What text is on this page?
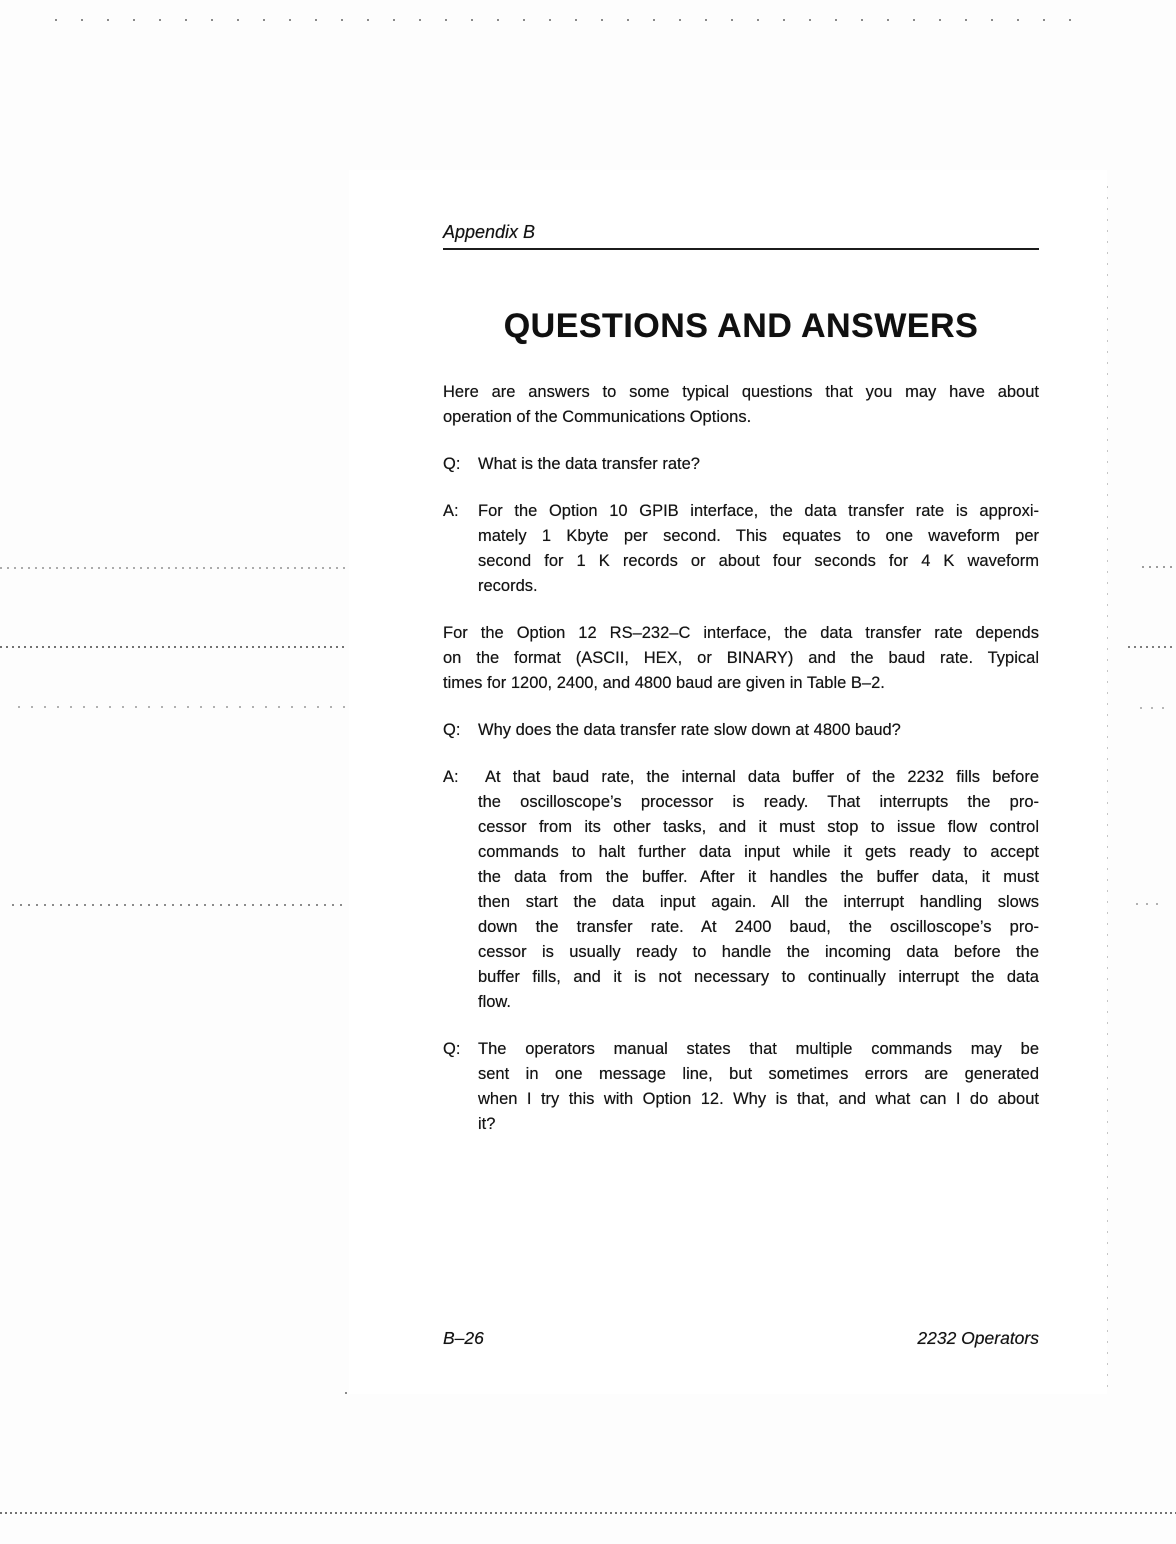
Appendix B
QUESTIONS AND ANSWERS
Here are answers to some typical questions that you may have about
operation of the Communications Options.
Q:	What is the data transfer rate?
A:	For the Option 10 GPIB interface, the data transfer rate is approxi-
mately 1 Kbyte per second. This equates to one waveform per
second for 1 K records or about four seconds for 4 K waveform
records.
For the Option 12 RS–232–C interface, the data transfer rate depends
on the format (ASCII, HEX, or BINARY) and the baud rate. Typical
times for 1200, 2400, and 4800 baud are given in Table B–2.
Q:	Why does the data transfer rate slow down at 4800 baud?
A:	At that baud rate, the internal data buffer of the 2232 fills before
the oscilloscope’s processor is ready. That interrupts the pro-
cessor from its other tasks, and it must stop to issue flow control
commands to halt further data input while it gets ready to accept
the data from the buffer. After it handles the buffer data, it must
then start the data input again. All the interrupt handling slows
down the transfer rate. At 2400 baud, the oscilloscope’s pro-
cessor is usually ready to handle the incoming data before the
buffer fills, and it is not necessary to continually interrupt the data
flow.
Q:	The operators manual states that multiple commands may be
sent in one message line, but sometimes errors are generated
when I try this with Option 12. Why is that, and what can I do about
it?
B–26	2232 Operators
